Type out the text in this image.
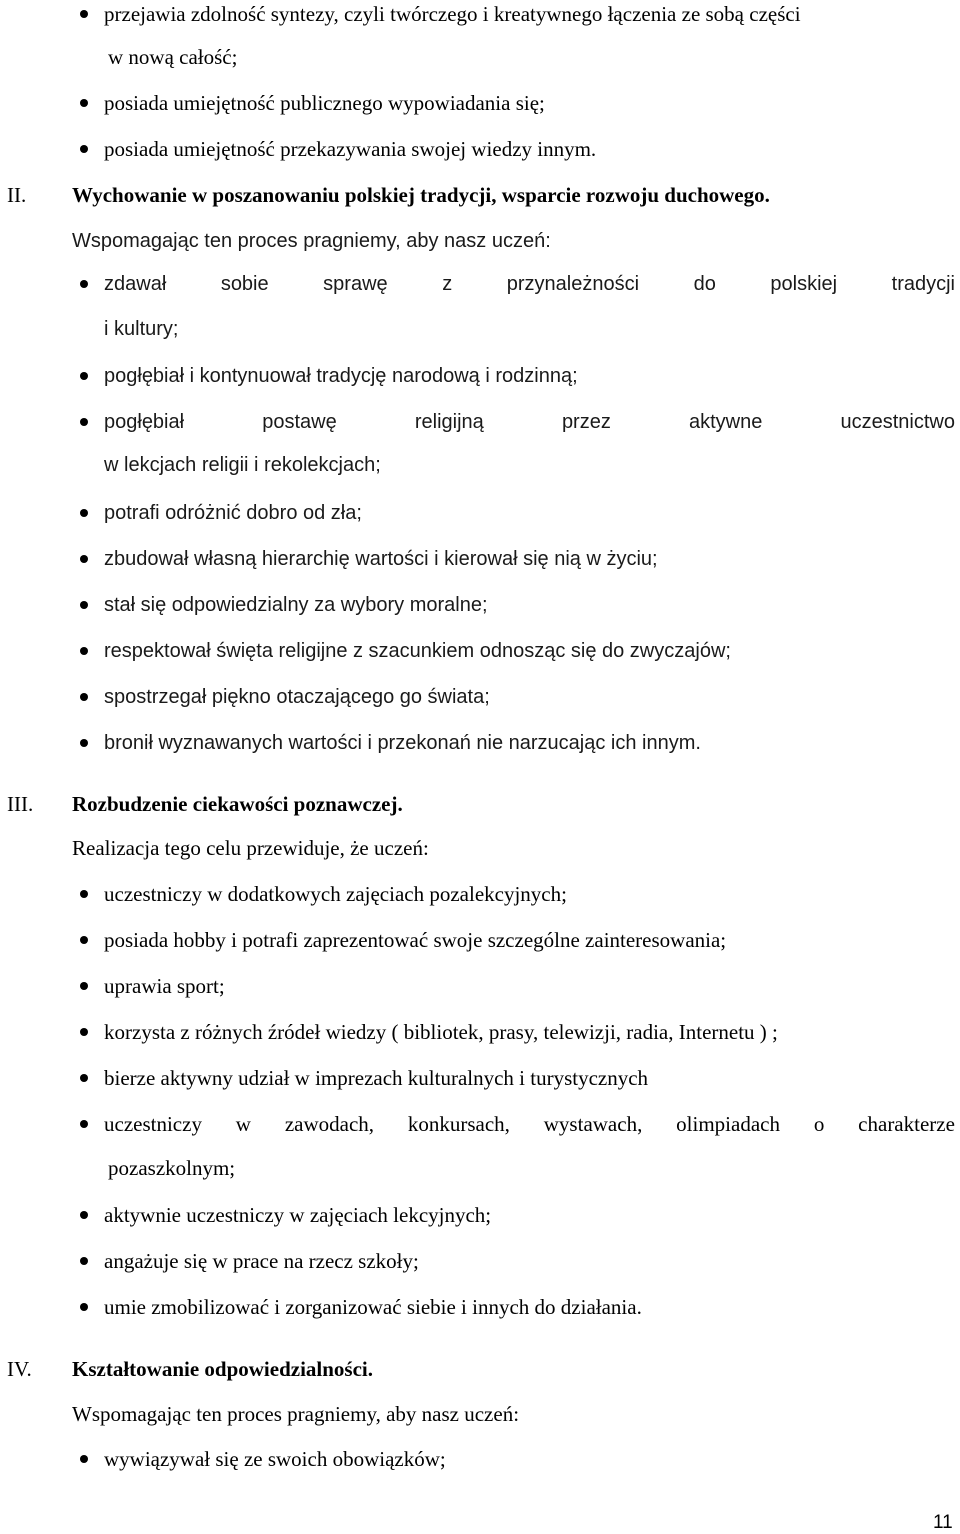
przejawia zdolność syntezy, czyli twórczego i kreatywnego łączenia ze sobą części
w nową całość;
posiada umiejętność publicznego wypowiadania się;
posiada umiejętność przekazywania swojej wiedzy innym.
II. Wychowanie w poszanowaniu polskiej tradycji, wsparcie rozwoju duchowego.
Wspomagając ten proces pragniemy, aby nasz uczeń:
zdawał	sobie	sprawę	z	przynależności	do	polskiej	tradycji
i kultury;
pogłębiał i kontynuował tradycję narodową i rodzinną;
pogłębiał	postawę	religijną	przez	aktywne	uczestnictwo
w lekcjach religii i rekolekcjach;
potrafi odróżnić dobro od zła;
zbudował własną hierarchię wartości i kierował się nią w życiu;
stał się odpowiedzialny za wybory moralne;
respektował święta religijne z szacunkiem odnosząc się do zwyczajów;
spostrzegał piękno otaczającego go świata;
bronił wyznawanych wartości i przekonań nie narzucając ich innym.
III. Rozbudzenie ciekawości poznawczej.
Realizacja tego celu przewiduje, że uczeń:
uczestniczy w dodatkowych zajęciach pozalekcyjnych;
posiada hobby i potrafi zaprezentować swoje szczególne zainteresowania;
uprawia sport;
korzysta z różnych źródeł wiedzy ( bibliotek, prasy, telewizji, radia, Internetu ) ;
bierze aktywny udział w imprezach kulturalnych i turystycznych
uczestniczy w zawodach, konkursach, wystawach, olimpiadach o charakterze
pozaszkolnym;
aktywnie uczestniczy w zajęciach lekcyjnych;
angażuje się w prace na rzecz szkoły;
umie zmobilizować i zorganizować siebie i innych do działania.
IV. Kształtowanie odpowiedzialności.
Wspomagając ten proces pragniemy, aby nasz uczeń:
wywiązywał się ze swoich obowiązków;
11
